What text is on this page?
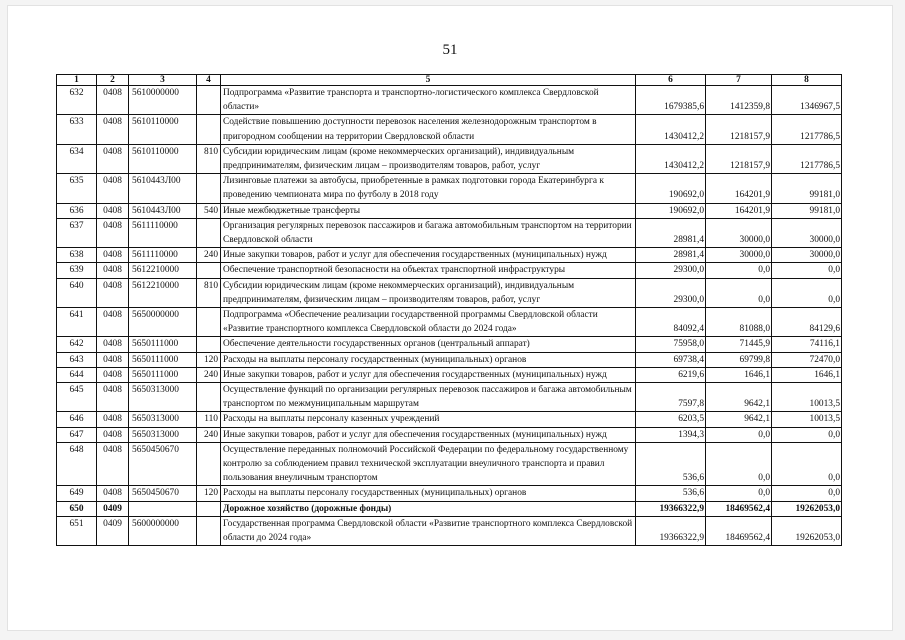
51
1	2	3	4	5	6	7	8
632	0408	5610000000		Подпрограмма «Развитие транспорта и транспортно-логистического комплекса Свердловской области»	1679385,6	1412359,8	1346967,5
633	0408	5610110000		Содействие повышению доступности перевозок населения железнодорожным транспортом в пригородном сообщении на территории Свердловской области	1430412,2	1218157,9	1217786,5
634	0408	5610110000	810	Субсидии юридическим лицам (кроме некоммерческих организаций), индивидуальным предпринимателям, физическим лицам – производителям товаров, работ, услуг	1430412,2	1218157,9	1217786,5
635	0408	5610443Л00		Лизинговые платежи за автобусы, приобретенные в рамках подготовки города Екатеринбурга к проведению чемпионата мира по футболу в 2018 году	190692,0	164201,9	99181,0
636	0408	5610443Л00	540	Иные межбюджетные трансферты	190692,0	164201,9	99181,0
637	0408	5611110000		Организация регулярных перевозок пассажиров и багажа автомобильным транспортом на территории Свердловской области	28981,4	30000,0	30000,0
638	0408	5611110000	240	Иные закупки товаров, работ и услуг для обеспечения государственных (муниципальных) нужд	28981,4	30000,0	30000,0
639	0408	5612210000		Обеспечение транспортной безопасности на объектах транспортной инфраструктуры	29300,0	0,0	0,0
640	0408	5612210000	810	Субсидии юридическим лицам (кроме некоммерческих организаций), индивидуальным предпринимателям, физическим лицам – производителям товаров, работ, услуг	29300,0	0,0	0,0
641	0408	5650000000		Подпрограмма «Обеспечение реализации государственной программы Свердловской области «Развитие транспортного комплекса Свердловской области до 2024 года»	84092,4	81088,0	84129,6
642	0408	5650111000		Обеспечение деятельности государственных органов (центральный аппарат)	75958,0	71445,9	74116,1
643	0408	5650111000	120	Расходы на выплаты персоналу государственных (муниципальных) органов	69738,4	69799,8	72470,0
644	0408	5650111000	240	Иные закупки товаров, работ и услуг для обеспечения государственных (муниципальных) нужд	6219,6	1646,1	1646,1
645	0408	5650313000		Осуществление функций по организации регулярных перевозок пассажиров и багажа автомобильным транспортом по межмуниципальным маршрутам	7597,8	9642,1	10013,5
646	0408	5650313000	110	Расходы на выплаты персоналу казенных учреждений	6203,5	9642,1	10013,5
647	0408	5650313000	240	Иные закупки товаров, работ и услуг для обеспечения государственных (муниципальных) нужд	1394,3	0,0	0,0
648	0408	5650450670		Осуществление переданных полномочий Российской Федерации по федеральному государственному контролю за соблюдением правил технической эксплуатации внеуличного транспорта и правил пользования внеуличным транспортом	536,6	0,0	0,0
649	0408	5650450670	120	Расходы на выплаты персоналу государственных (муниципальных) органов	536,6	0,0	0,0
650	0409			Дорожное хозяйство (дорожные фонды)	19366322,9	18469562,4	19262053,0
651	0409	5600000000		Государственная программа Свердловской области «Развитие транспортного комплекса Свердловской области до 2024 года»	19366322,9	18469562,4	19262053,0
